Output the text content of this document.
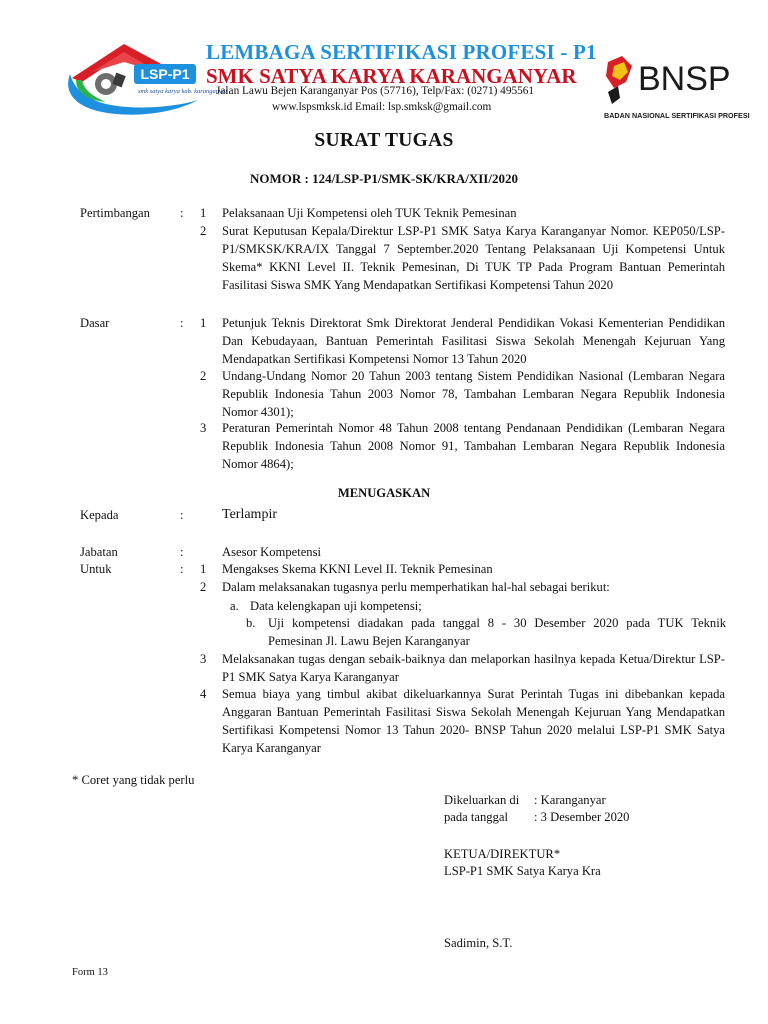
LSP-P1
smk satya karya kab. karanganyar
LEMBAGA SERTIFIKASI PROFESI - P1
SMK SATYA KARYA KARANGANYAR
Jalan Lawu Bejen Karanganyar Pos (57716), Telp/Fax: (0271) 495561
www.lspsmksk.id Email: lsp.smksk@gmail.com
BNSP
BADAN NASIONAL SERTIFIKASI PROFESI
SURAT TUGAS
NOMOR : 124/LSP-P1/SMK-SK/KRA/XII/2020
Pertimbangan : 1 Pelaksanaan Uji Kompetensi oleh TUK Teknik Pemesinan
2 Surat Keputusan Kepala/Direktur LSP-P1 SMK Satya Karya Karanganyar Nomor. KEP050/LSP-P1/SMKSK/KRA/IX Tanggal 7 September.2020 Tentang Pelaksanaan Uji Kompetensi Untuk Skema* KKNI Level II. Teknik Pemesinan, Di TUK TP Pada Program Bantuan Pemerintah Fasilitasi Siswa SMK Yang Mendapatkan Sertifikasi Kompetensi Tahun 2020
Dasar	: 1 Petunjuk Teknis Direktorat Smk Direktorat Jenderal Pendidikan Vokasi Kementerian Pendidikan Dan Kebudayaan, Bantuan Pemerintah Fasilitasi Siswa Sekolah Menengah Kejuruan Yang Mendapatkan Sertifikasi Kompetensi Nomor 13 Tahun 2020
2 Undang-Undang Nomor 20 Tahun 2003 tentang Sistem Pendidikan Nasional (Lembaran Negara Republik Indonesia Tahun 2003 Nomor 78, Tambahan Lembaran Negara Republik Indonesia Nomor 4301);
3 Peraturan Pemerintah Nomor 48 Tahun 2008 tentang Pendanaan Pendidikan (Lembaran Negara Republik Indonesia Tahun 2008 Nomor 91, Tambahan Lembaran Negara Republik Indonesia Nomor 4864);
MENUGASKAN
Kepada	:	Terlampir
Jabatan	:	Asesor Kompetensi
Untuk	: 1 Mengakses Skema KKNI Level II. Teknik Pemesinan
2 Dalam melaksanakan tugasnya perlu memperhatikan hal-hal sebagai berikut:
a. Data kelengkapan uji kompetensi;
b. Uji kompetensi diadakan pada tanggal 8 - 30 Desember 2020 pada TUK Teknik Pemesinan Jl. Lawu Bejen Karanganyar
3 Melaksanakan tugas dengan sebaik-baiknya dan melaporkan hasilnya kepada Ketua/Direktur LSP-P1 SMK Satya Karya Karanganyar
4 Semua biaya yang timbul akibat dikeluarkannya Surat Perintah Tugas ini dibebankan kepada Anggaran Bantuan Pemerintah Fasilitasi Siswa Sekolah Menengah Kejuruan Yang Mendapatkan Sertifikasi Kompetensi Nomor 13 Tahun 2020- BNSP Tahun 2020 melalui LSP-P1 SMK Satya Karya Karanganyar
* Coret yang tidak perlu
Dikeluarkan di : Karanganyar
pada tanggal : 3 Desember 2020
KETUA/DIREKTUR*
LSP-P1 SMK Satya Karya Kra
Sadimin, S.T.
Form 13
